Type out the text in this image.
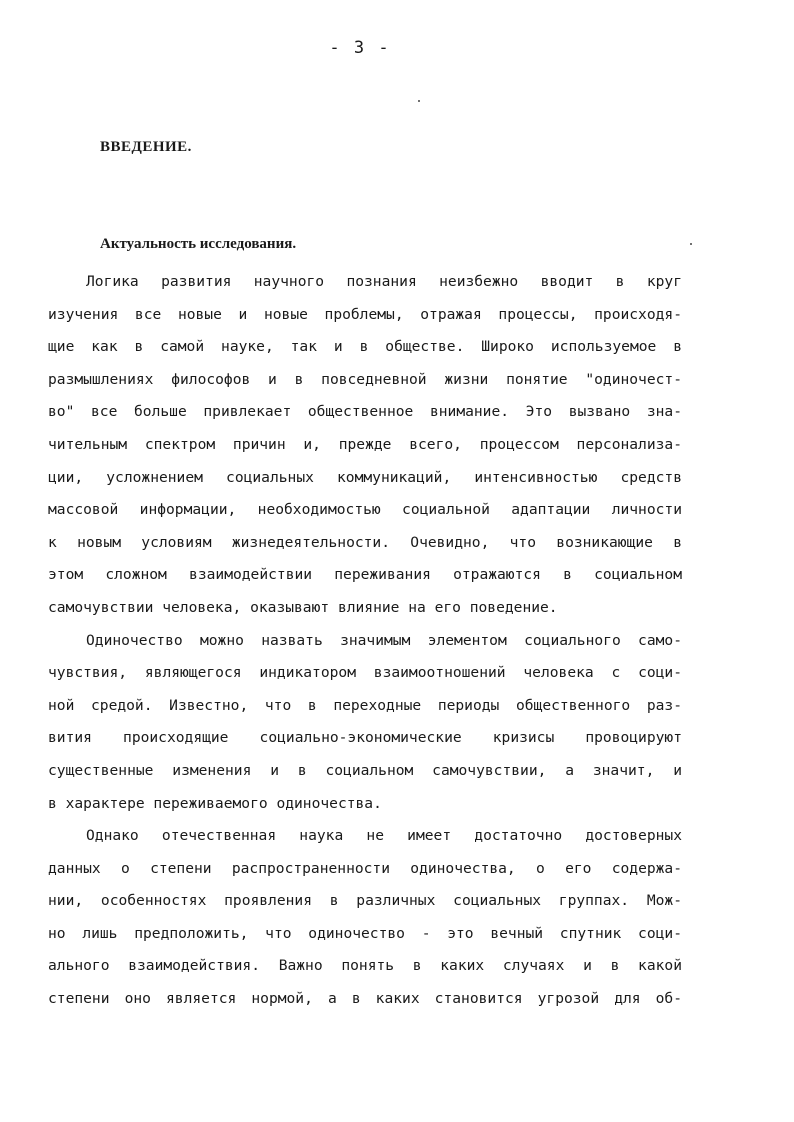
- 3 -
ВВЕДЕНИЕ.
Актуальность исследования.
Логика развития научного познания неизбежно вводит в круг
изучения все новые и новые проблемы, отражая процессы, происходя-
щие как в самой науке, так и в обществе. Широко используемое в
размышлениях философов и в повседневной жизни понятие "одиночест-
во" все больше привлекает общественное внимание. Это вызвано зна-
чительным спектром причин и, прежде всего, процессом персонализа-
ции, усложнением социальных коммуникаций, интенсивностью средств
массовой информации, необходимостью социальной адаптации личности
к новым условиям жизнедеятельности. Очевидно, что возникающие в
этом сложном взаимодействии переживания отражаются в социальном
самочувствии человека, оказывают влияние на его поведение.
Одиночество можно назвать значимым элементом социального само-
чувствия, являющегося индикатором взаимоотношений человека с соци-
ной средой. Известно, что в переходные периоды общественного раз-
вития происходящие социально-экономические кризисы провоцируют
существенные изменения и в социальном самочувствии, а значит, и
в характере переживаемого одиночества.
Однако отечественная наука не имеет достаточно достоверных
данных о степени распространенности одиночества, о его содержа-
нии, особенностях проявления в различных социальных группах. Мож-
но лишь предположить, что одиночество - это вечный спутник соци-
ального взаимодействия. Важно понять в каких случаях и в какой
степени оно является нормой, а в каких становится угрозой для об-
